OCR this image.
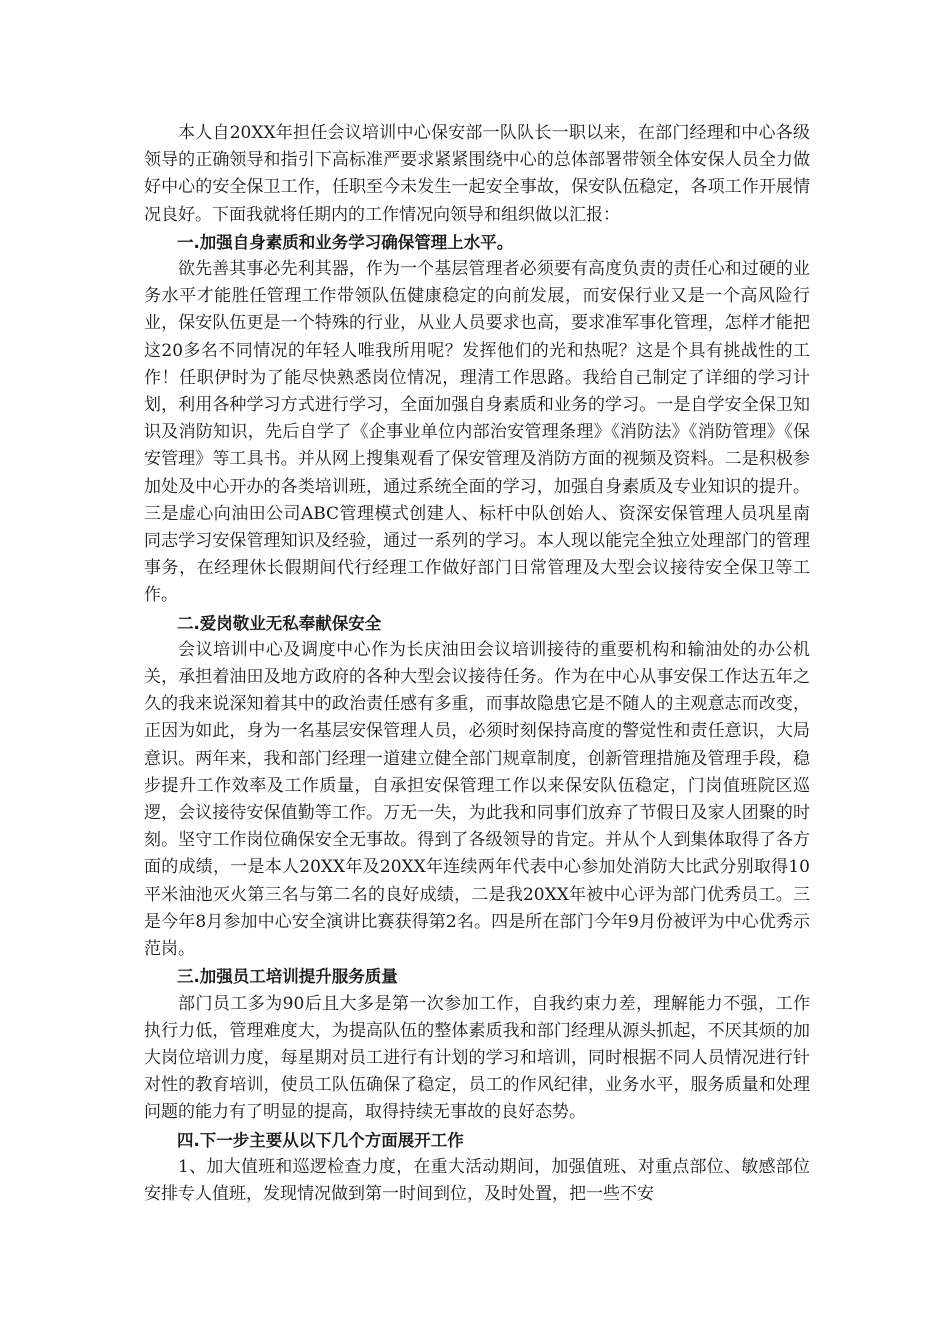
本人自20XX年担任会议培训中心保安部一队队长一职以来，在部门经理和中心各级领导的正确领导和指引下高标准严要求紧紧围绕中心的总体部署带领全体安保人员全力做好中心的安全保卫工作，任职至今未发生一起安全事故，保安队伍稳定，各项工作开展情况良好。下面我就将任期内的工作情况向领导和组织做以汇报：

一.加强自身素质和业务学习确保管理上水平。

欲先善其事必先利其器，作为一个基层管理者必须要有高度负责的责任心和过硬的业务水平才能胜任管理工作带领队伍健康稳定的向前发展，而安保行业又是一个高风险行业，保安队伍更是一个特殊的行业，从业人员要求也高，要求准军事化管理，怎样才能把这20多名不同情况的年轻人唯我所用呢？发挥他们的光和热呢？这是个具有挑战性的工作！任职伊时为了能尽快熟悉岗位情况，理清工作思路。我给自己制定了详细的学习计划，利用各种学习方式进行学习，全面加强自身素质和业务的学习。一是自学安全保卫知识及消防知识，先后自学了《企事业单位内部治安管理条理》《消防法》《消防管理》《保安管理》等工具书。并从网上搜集观看了保安管理及消防方面的视频及资料。二是积极参加处及中心开办的各类培训班，通过系统全面的学习，加强自身素质及专业知识的提升。三是虚心向油田公司ABC管理模式创建人、标杆中队创始人、资深安保管理人员巩星南同志学习安保管理知识及经验，通过一系列的学习。本人现以能完全独立处理部门的管理事务，在经理休长假期间代行经理工作做好部门日常管理及大型会议接待安全保卫等工作。

二.爱岗敬业无私奉献保安全

会议培训中心及调度中心作为长庆油田会议培训接待的重要机构和输油处的办公机关，承担着油田及地方政府的各种大型会议接待任务。作为在中心从事安保工作达五年之久的我来说深知着其中的政治责任感有多重，而事故隐患它是不随人的主观意志而改变，正因为如此，身为一名基层安保管理人员，必须时刻保持高度的警觉性和责任意识，大局意识。两年来，我和部门经理一道建立健全部门规章制度，创新管理措施及管理手段，稳步提升工作效率及工作质量，自承担安保管理工作以来保安队伍稳定，门岗值班院区巡逻，会议接待安保值勤等工作。万无一失，为此我和同事们放弃了节假日及家人团聚的时刻。坚守工作岗位确保安全无事故。得到了各级领导的肯定。并从个人到集体取得了各方面的成绩，一是本人20XX年及20XX年连续两年代表中心参加处消防大比武分别取得10平米油池灭火第三名与第二名的良好成绩，二是我20XX年被中心评为部门优秀员工。三是今年8月参加中心安全演讲比赛获得第2名。四是所在部门今年9月份被评为中心优秀示范岗。

三.加强员工培训提升服务质量

部门员工多为90后且大多是第一次参加工作，自我约束力差，理解能力不强，工作执行力低，管理难度大，为提高队伍的整体素质我和部门经理从源头抓起，不厌其烦的加大岗位培训力度，每星期对员工进行有计划的学习和培训，同时根据不同人员情况进行针对性的教育培训，使员工队伍确保了稳定，员工的作风纪律，业务水平，服务质量和处理问题的能力有了明显的提高，取得持续无事故的良好态势。

四.下一步主要从以下几个方面展开工作

1、加大值班和巡逻检查力度，在重大活动期间，加强值班、对重点部位、敏感部位安排专人值班，发现情况做到第一时间到位，及时处置，把一些不安
